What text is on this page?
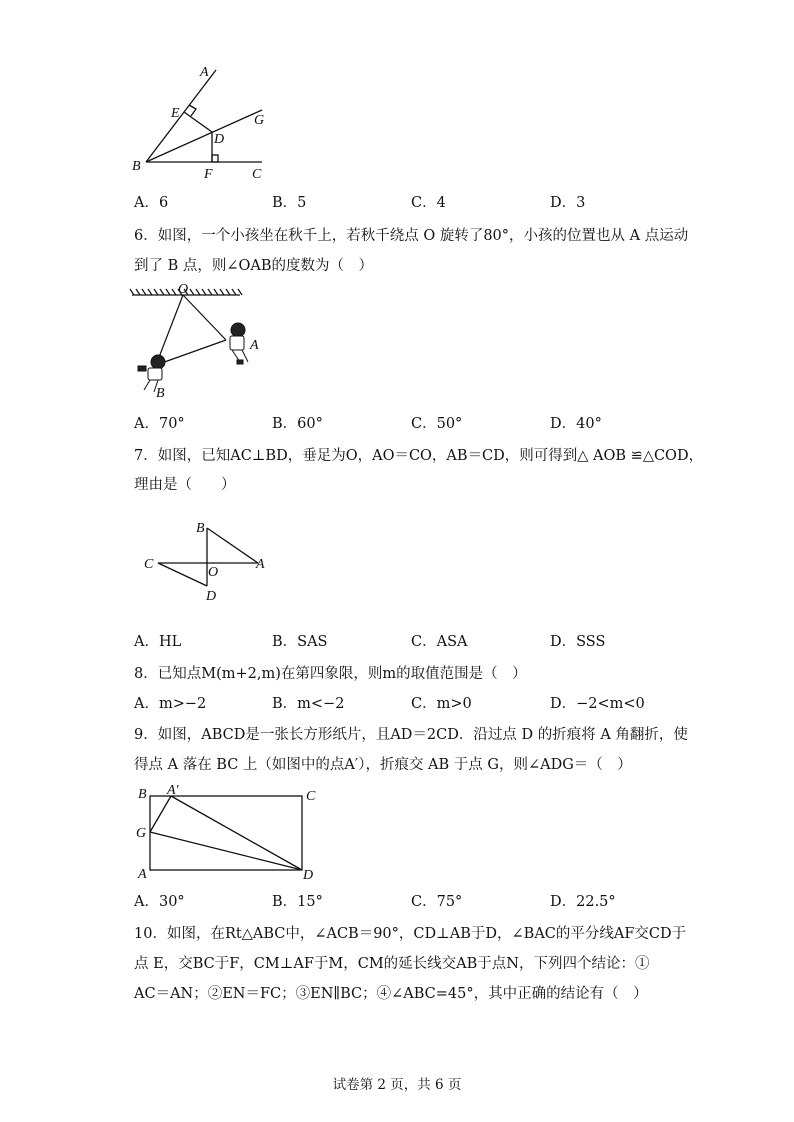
A
E	G
D
B
F	C
A．6	B．5	C．4	D．3
6．如图，一个小孩坐在秋千上，若秋千绕点 O 旋转了80°，小孩的位置也从 A 点运动
到了 B 点，则∠OAB的度数为（　）
O
A
B
A．70°	B．60°	C．50°	D．40°
7．如图，已知AC⊥BD，垂足为O，AO＝CO，AB＝CD，则可得到△ AOB ≌△COD，
理由是（　　）
B
C
O
A
D
A．HL	B．SAS	C．ASA	D．SSS
8．已知点M(m+2,m)在第四象限，则m的取值范围是（　）
A．m>−2	B．m<−2	C．m>0	D．−2<m<0
9．如图，ABCD是一张长方形纸片，且AD＝2CD．沿过点 D 的折痕将 A 角翻折，使
得点 A 落在 BC 上（如图中的点A′），折痕交 AB 于点 G，则∠ADG＝（　）
B A′	C
G
A	D
A．30°	B．15°	C．75°	D．22.5°
10．如图，在Rt△ABC中，∠ACB＝90°，CD⊥AB于D，∠BAC的平分线AF交CD于
点 E，交BC于F，CM⊥AF于M，CM的延长线交AB于点N，下列四个结论：①
AC＝AN；②EN＝FC；③EN∥BC；④∠ABC=45°，其中正确的结论有（　）
试卷第 2 页，共 6 页
